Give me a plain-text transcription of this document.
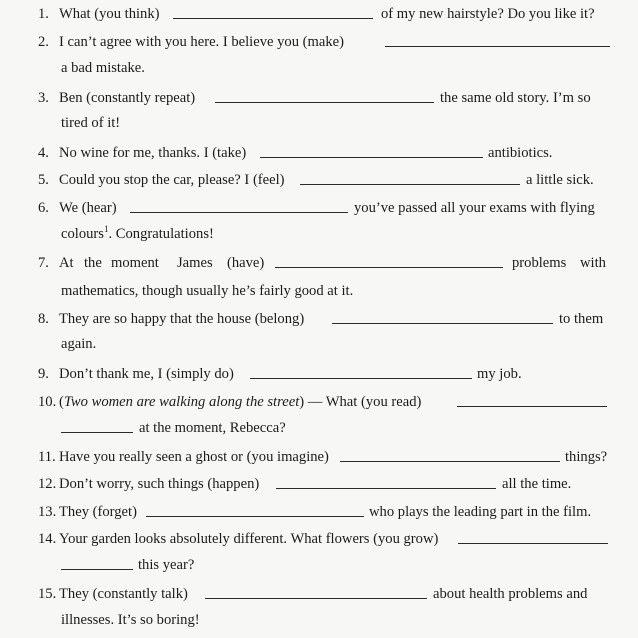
1. What (you think)	of my new hairstyle? Do you like it?
2. I can’t agree with you here. I believe you (make)
a bad mistake.
3. Ben (constantly repeat)	the same old story. I’m so
tired of it!
4. No wine for me, thanks. I (take)	antibiotics.
5. Could you stop the car, please? I (feel)	a little sick.
6. We (hear)	you’ve passed all your exams with flying
colours$^1$. Congratulations!
7. At the moment James (have)	problems with
mathematics, though usually he’s fairly good at it.
8. They are so happy that the house (belong)	to them
again.
9. Don’t thank me, I (simply do)	my job.
10. (Two women are walking along the street) — What (you read)
at the moment, Rebecca?
11. Have you really seen a ghost or (you imagine)	things?
12. Don’t worry, such things (happen)	all the time.
13. They (forget)	who plays the leading part in the film.
14. Your garden looks absolutely different. What flowers (you grow)
this year?
15. They (constantly talk)	about health problems and
illnesses. It’s so boring!
